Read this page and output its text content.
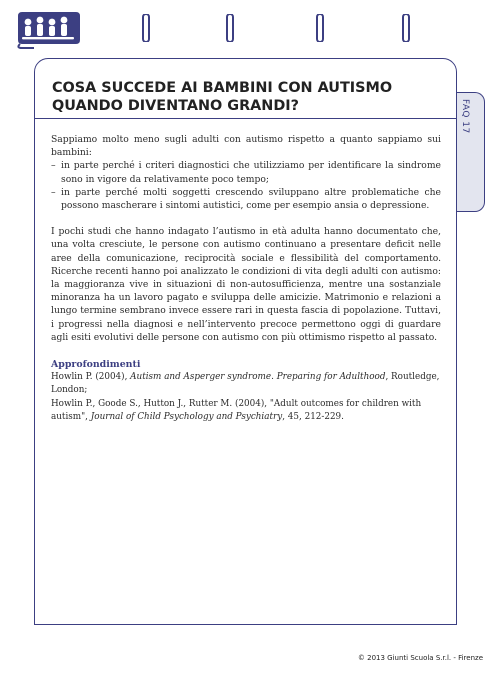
FAQ 17
COSA SUCCEDE AI BAMBINI CON AUTISMO
QUANDO DIVENTANO GRANDI?

Sappiamo molto meno sugli adulti con autismo rispetto a quanto sappiamo sui bambini:

– in parte perché i criteri diagnostici che utilizziamo per identificare la sindrome sono in vigore da relativamente poco tempo;
– in parte perché molti soggetti crescendo sviluppano altre problematiche che possono mascherare i sintomi autistici, come per esempio ansia o depressione.

I pochi studi che hanno indagato l’autismo in età adulta hanno documentato che, una volta cresciute, le persone con autismo continuano a presentare deficit nelle aree della comunicazione, reciprocità sociale e flessibilità del comportamento. Ricerche recenti hanno poi analizzato le condizioni di vita degli adulti con autismo: la maggioranza vive in situazioni di non-autosufficienza, mentre una sostanziale minoranza ha un lavoro pagato e sviluppa delle amicizie. Matrimonio e relazioni a lungo termine sembrano invece essere rari in questa fascia di popolazione. Tuttavi, i progressi nella diagnosi e nell’intervento precoce permettono oggi di guardare agli esiti evolutivi delle persone con autismo con più ottimismo rispetto al passato.

Approfondimenti

Howlin P. (2004), Autism and Asperger syndrome. Preparing for Adulthood, Routledge, London;

Howlin P., Goode S., Hutton J., Rutter M. (2004), "Adult outcomes for children with autism", Journal of Child Psychology and Psychiatry, 45, 212-229.

© 2013 Giunti Scuola S.r.l. - Firenze
